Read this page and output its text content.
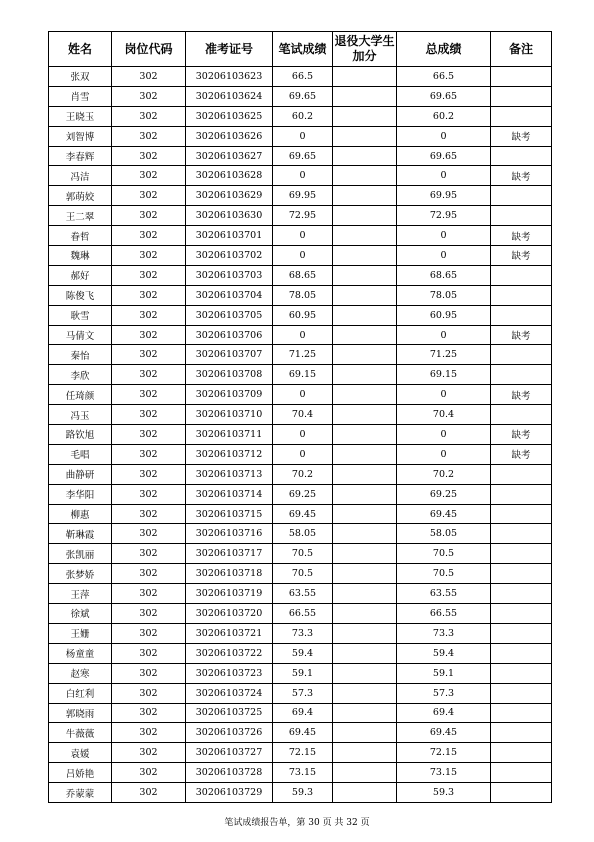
姓名	岗位代码	准考证号	笔试成绩	退役大学生加分	总成绩	备注
张双	302	30206103623	66.5		66.5	
肖雪	302	30206103624	69.65		69.65	
王晓玉	302	30206103625	60.2		60.2	
刘智博	302	30206103626	0		0	缺考
李春辉	302	30206103627	69.65		69.65	
冯洁	302	30206103628	0		0	缺考
郭萌姣	302	30206103629	69.95		69.95	
王二翠	302	30206103630	72.95		72.95	
眷哲	302	30206103701	0		0	缺考
魏琳	302	30206103702	0		0	缺考
郝好	302	30206103703	68.65		68.65	
陈俊飞	302	30206103704	78.05		78.05	
耿雪	302	30206103705	60.95		60.95	
马倩文	302	30206103706	0		0	缺考
秦怡	302	30206103707	71.25		71.25	
李欣	302	30206103708	69.15		69.15	
任琦颜	302	30206103709	0		0	缺考
冯玉	302	30206103710	70.4		70.4	
路钦旭	302	30206103711	0		0	缺考
毛唱	302	30206103712	0		0	缺考
曲静研	302	30206103713	70.2		70.2	
李华阳	302	30206103714	69.25		69.25	
柳惠	302	30206103715	69.45		69.45	
靳琳霞	302	30206103716	58.05		58.05	
张凯丽	302	30206103717	70.5		70.5	
张梦娇	302	30206103718	70.5		70.5	
王萍	302	30206103719	63.55		63.55	
徐斌	302	30206103720	66.55		66.55	
王姗	302	30206103721	73.3		73.3	
杨童童	302	30206103722	59.4		59.4	
赵寒	302	30206103723	59.1		59.1	
白红利	302	30206103724	57.3		57.3	
郭晓雨	302	30206103725	69.4		69.4	
牛薇薇	302	30206103726	69.45		69.45	
袁媛	302	30206103727	72.15		72.15	
吕娇艳	302	30206103728	73.15		73.15	
乔蒙蒙	302	30206103729	59.3		59.3	
笔试成绩报告单，第 30 页 共 32 页
